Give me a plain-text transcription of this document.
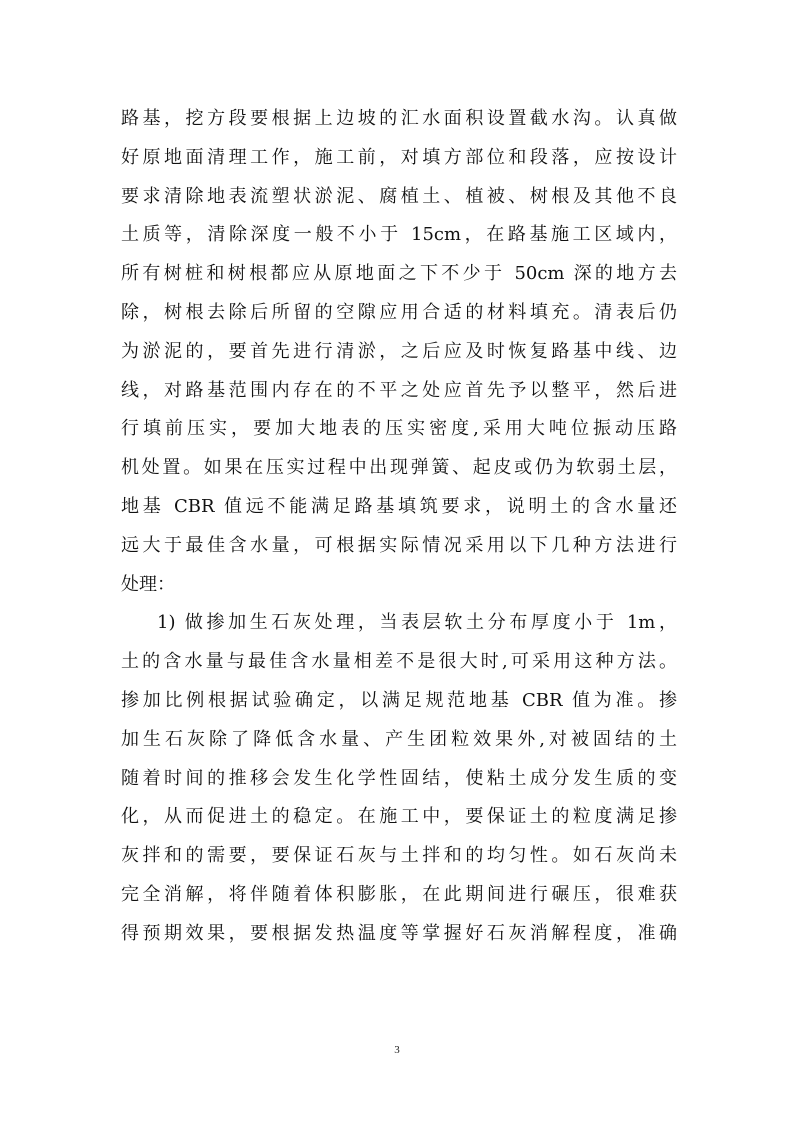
路基，挖方段要根据上边坡的汇水面积设置截水沟。认真做
好原地面清理工作，施工前，对填方部位和段落，应按设计
要求清除地表流塑状淤泥、腐植土、植被、树根及其他不良
土质等，清除深度一般不小于 15cm，在路基施工区域内，
所有树桩和树根都应从原地面之下不少于 50cm 深的地方去
除，树根去除后所留的空隙应用合适的材料填充。清表后仍
为淤泥的，要首先进行清淤，之后应及时恢复路基中线、边
线，对路基范围内存在的不平之处应首先予以整平，然后进
行填前压实，要加大地表的压实密度,采用大吨位振动压路
机处置。如果在压实过程中出现弹簧、起皮或仍为软弱土层，
地基 CBR 值远不能满足路基填筑要求，说明土的含水量还
远大于最佳含水量，可根据实际情况采用以下几种方法进行
处理：
1) 做掺加生石灰处理，当表层软土分布厚度小于 1m，
土的含水量与最佳含水量相差不是很大时,可采用这种方法。
掺加比例根据试验确定，以满足规范地基 CBR 值为准。掺
加生石灰除了降低含水量、产生团粒效果外,对被固结的土
随着时间的推移会发生化学性固结，使粘土成分发生质的变
化，从而促进土的稳定。在施工中，要保证土的粒度满足掺
灰拌和的需要，要保证石灰与土拌和的均匀性。如石灰尚未
完全消解，将伴随着体积膨胀，在此期间进行碾压，很难获
得预期效果，要根据发热温度等掌握好石灰消解程度，准确
3
